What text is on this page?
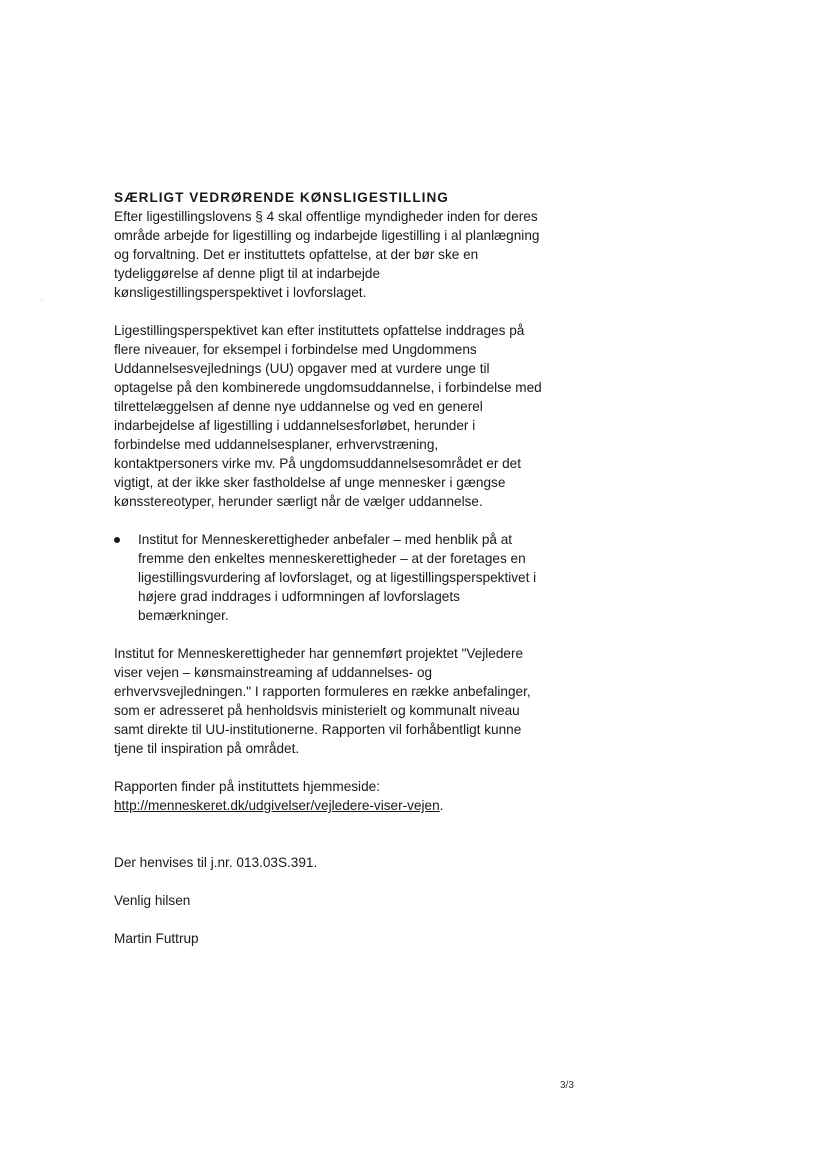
SÆRLIGT VEDRØRENDE KØNSLIGESTILLING

Efter ligestillingslovens § 4 skal offentlige myndigheder inden for deres
område arbejde for ligestilling og indarbejde ligestilling i al planlægning
og forvaltning. Det er instituttets opfattelse, at der bør ske en
tydeliggørelse af denne pligt til at indarbejde
kønsligestillingsperspektivet i lovforslaget.

Ligestillingsperspektivet kan efter instituttets opfattelse inddrages på
flere niveauer, for eksempel i forbindelse med Ungdommens
Uddannelsesvejlednings (UU) opgaver med at vurdere unge til
optagelse på den kombinerede ungdomsuddannelse, i forbindelse med
tilrettelæggelsen af denne nye uddannelse og ved en generel
indarbejdelse af ligestilling i uddannelsesforløbet, herunder i
forbindelse med uddannelsesplaner, erhvervstræning,
kontaktpersoners virke mv. På ungdomsuddannelsesområdet er det
vigtigt, at der ikke sker fastholdelse af unge mennesker i gængse
kønsstereotyper, herunder særligt når de vælger uddannelse.

Institut for Menneskerettigheder anbefaler – med henblik på at
fremme den enkeltes menneskerettigheder – at der foretages en
ligestillingsvurdering af lovforslaget, og at ligestillingsperspektivet i
højere grad inddrages i udformningen af lovforslagets
bemærkninger.

Institut for Menneskerettigheder har gennemført projektet "Vejledere
viser vejen – kønsmainstreaming af uddannelses- og
erhvervsvejledningen." I rapporten formuleres en række anbefalinger,
som er adresseret på henholdsvis ministerielt og kommunalt niveau
samt direkte til UU-institutionerne. Rapporten vil forhåbentligt kunne
tjene til inspiration på området.

Rapporten finder på instituttets hjemmeside:
http://menneskeret.dk/udgivelser/vejledere-viser-vejen.

Der henvises til j.nr. 013.03S.391.

Venlig hilsen

Martin Futtrup

3/3
